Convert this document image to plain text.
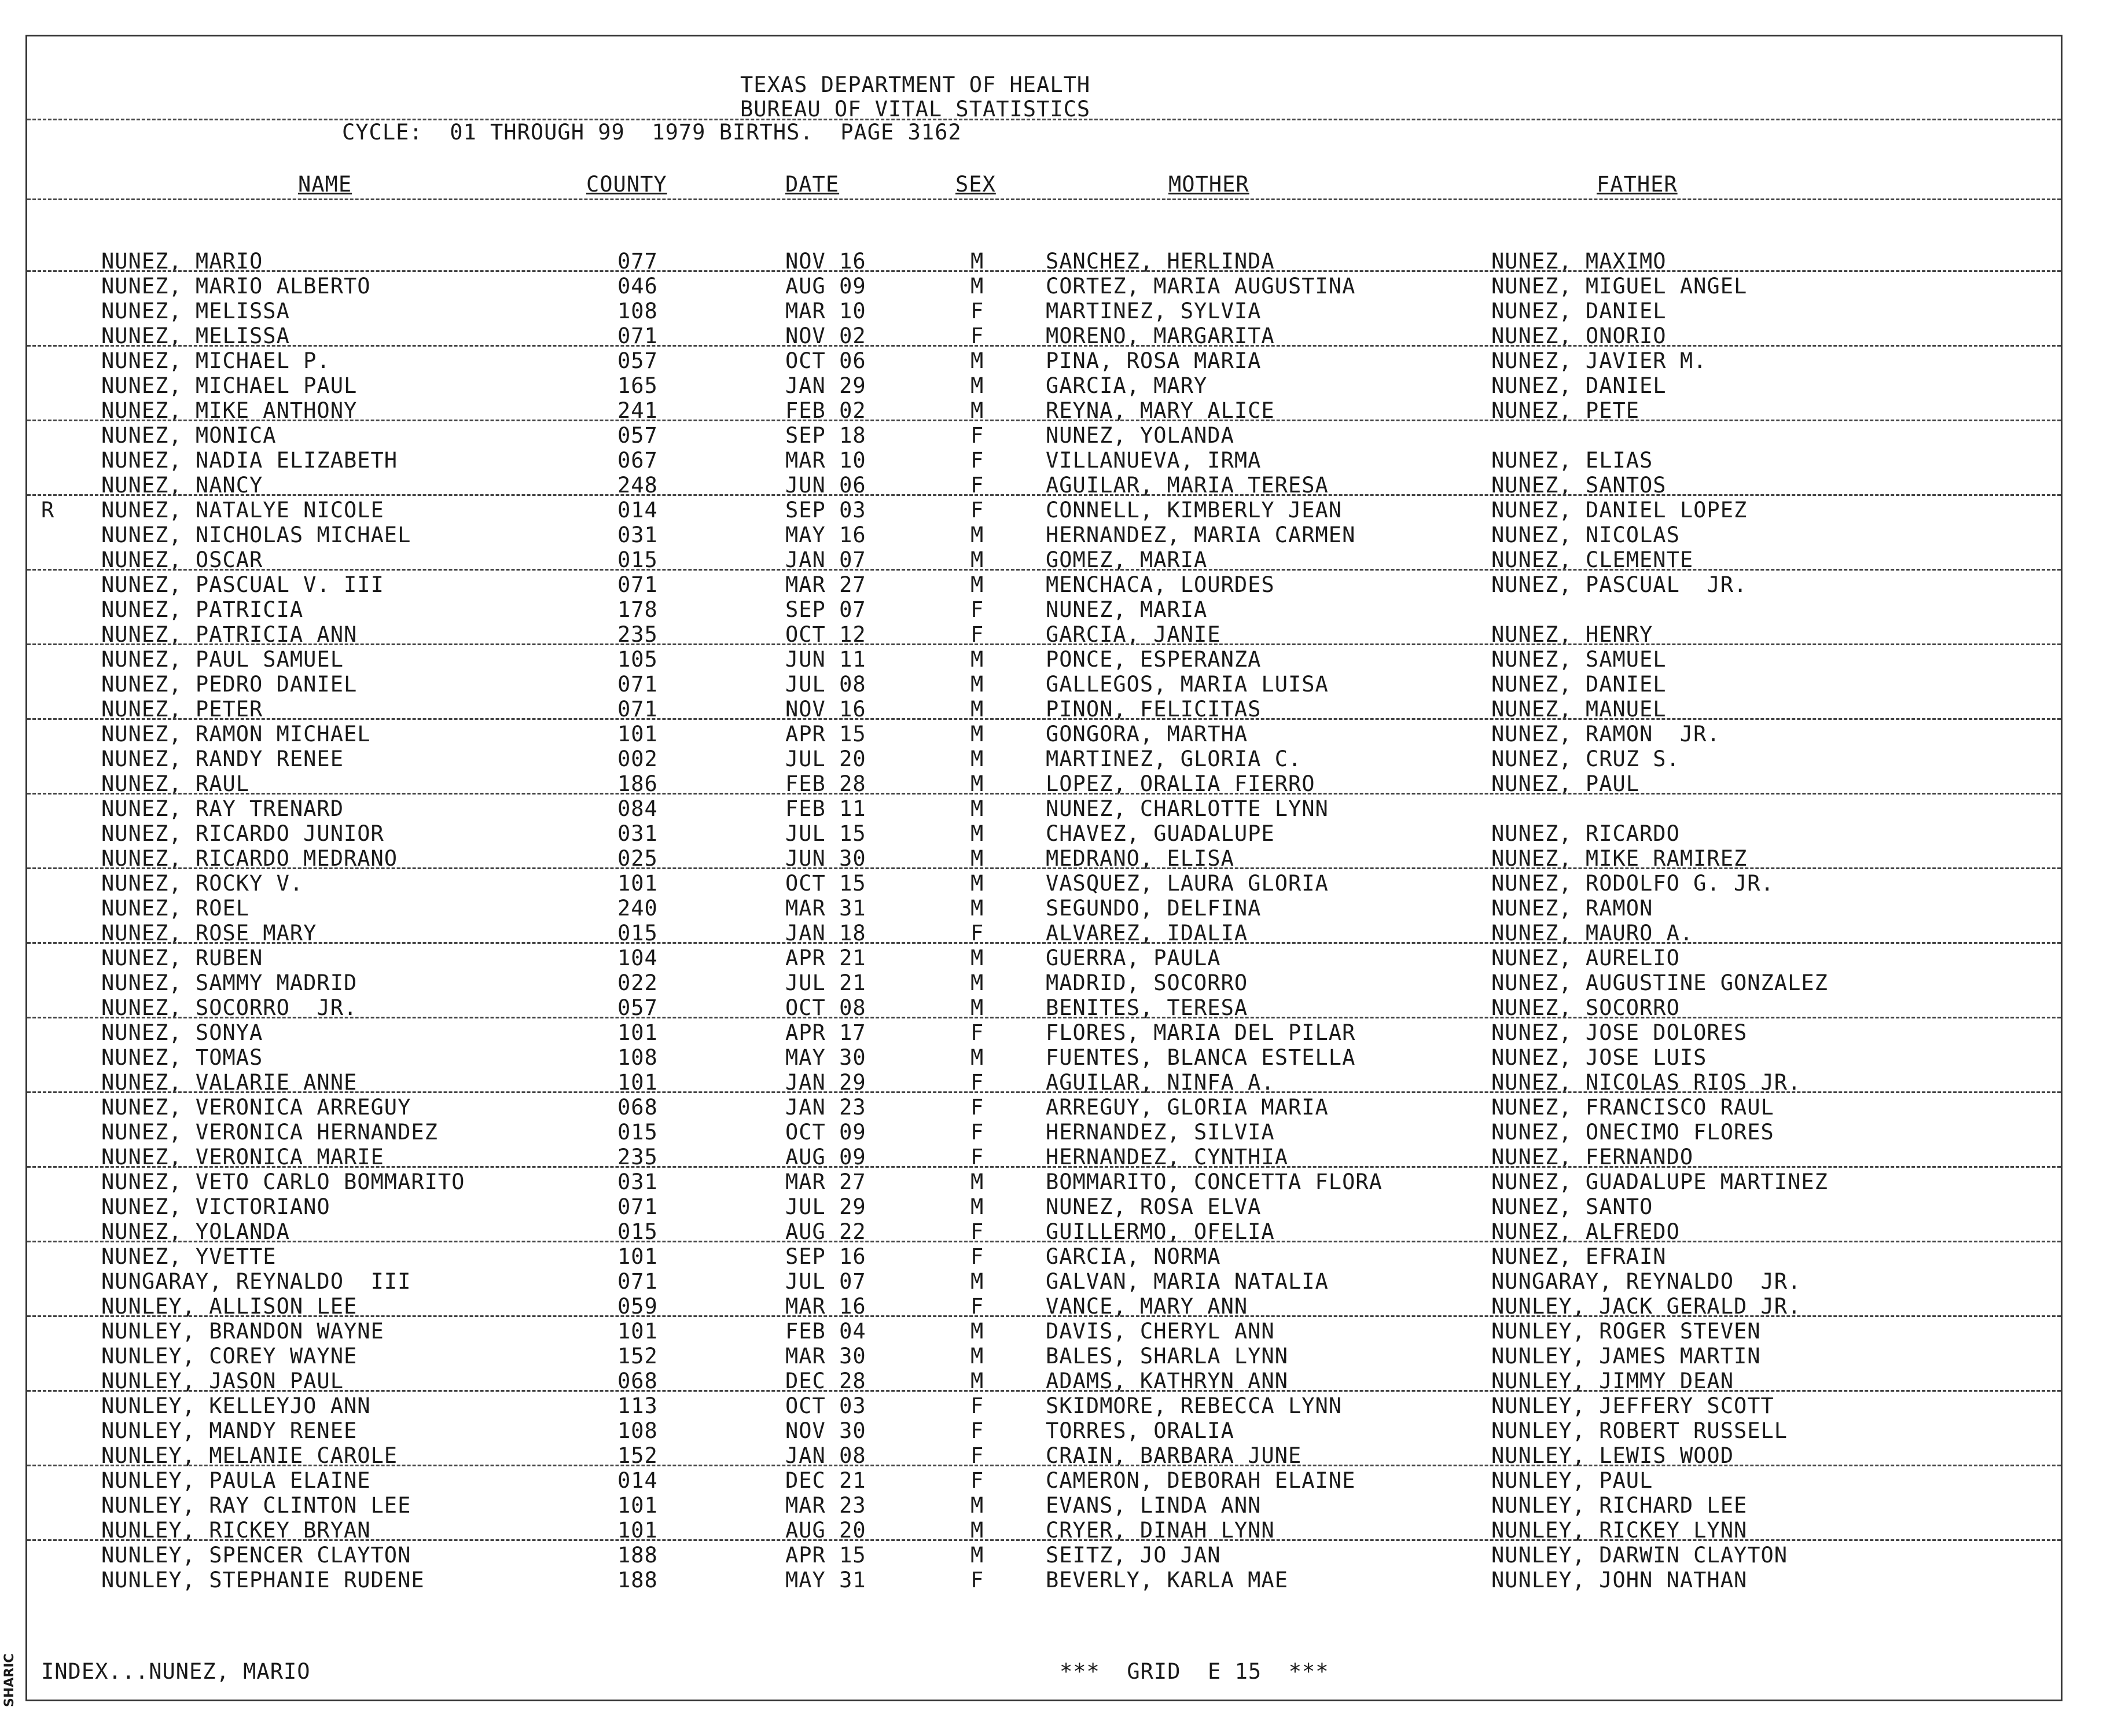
TEXAS DEPARTMENT OF HEALTH
BUREAU OF VITAL STATISTICS
CYCLE:  01 THROUGH 99  1979 BIRTHS.  PAGE 3162
NAME	COUNTY	DATE	SEX	MOTHER	FATHER
NUNEZ, MARIO	077	NOV 16	M	SANCHEZ, HERLINDA	NUNEZ, MAXIMO
NUNEZ, MARIO ALBERTO	046	AUG 09	M	CORTEZ, MARIA AUGUSTINA	NUNEZ, MIGUEL ANGEL
NUNEZ, MELISSA	108	MAR 10	F	MARTINEZ, SYLVIA	NUNEZ, DANIEL
NUNEZ, MELISSA	071	NOV 02	F	MORENO, MARGARITA	NUNEZ, ONORIO
NUNEZ, MICHAEL P.	057	OCT 06	M	PINA, ROSA MARIA	NUNEZ, JAVIER M.
NUNEZ, MICHAEL PAUL	165	JAN 29	M	GARCIA, MARY	NUNEZ, DANIEL
NUNEZ, MIKE ANTHONY	241	FEB 02	M	REYNA, MARY ALICE	NUNEZ, PETE
NUNEZ, MONICA	057	SEP 18	F	NUNEZ, YOLANDA
NUNEZ, NADIA ELIZABETH	067	MAR 10	F	VILLANUEVA, IRMA	NUNEZ, ELIAS
NUNEZ, NANCY	248	JUN 06	F	AGUILAR, MARIA TERESA	NUNEZ, SANTOS
R NUNEZ, NATALYE NICOLE	014	SEP 03	F	CONNELL, KIMBERLY JEAN	NUNEZ, DANIEL LOPEZ
NUNEZ, NICHOLAS MICHAEL	031	MAY 16	M	HERNANDEZ, MARIA CARMEN	NUNEZ, NICOLAS
NUNEZ, OSCAR	015	JAN 07	M	GOMEZ, MARIA	NUNEZ, CLEMENTE
NUNEZ, PASCUAL V. III	071	MAR 27	M	MENCHACA, LOURDES	NUNEZ, PASCUAL  JR.
NUNEZ, PATRICIA	178	SEP 07	F	NUNEZ, MARIA
NUNEZ, PATRICIA ANN	235	OCT 12	F	GARCIA, JANIE	NUNEZ, HENRY
NUNEZ, PAUL SAMUEL	105	JUN 11	M	PONCE, ESPERANZA	NUNEZ, SAMUEL
NUNEZ, PEDRO DANIEL	071	JUL 08	M	GALLEGOS, MARIA LUISA	NUNEZ, DANIEL
NUNEZ, PETER	071	NOV 16	M	PINON, FELICITAS	NUNEZ, MANUEL
NUNEZ, RAMON MICHAEL	101	APR 15	M	GONGORA, MARTHA	NUNEZ, RAMON  JR.
NUNEZ, RANDY RENEE	002	JUL 20	M	MARTINEZ, GLORIA C.	NUNEZ, CRUZ S.
NUNEZ, RAUL	186	FEB 28	M	LOPEZ, ORALIA FIERRO	NUNEZ, PAUL
NUNEZ, RAY TRENARD	084	FEB 11	M	NUNEZ, CHARLOTTE LYNN
NUNEZ, RICARDO JUNIOR	031	JUL 15	M	CHAVEZ, GUADALUPE	NUNEZ, RICARDO
NUNEZ, RICARDO MEDRANO	025	JUN 30	M	MEDRANO, ELISA	NUNEZ, MIKE RAMIREZ
NUNEZ, ROCKY V.	101	OCT 15	M	VASQUEZ, LAURA GLORIA	NUNEZ, RODOLFO G. JR.
NUNEZ, ROEL	240	MAR 31	M	SEGUNDO, DELFINA	NUNEZ, RAMON
NUNEZ, ROSE MARY	015	JAN 18	F	ALVAREZ, IDALIA	NUNEZ, MAURO A.
NUNEZ, RUBEN	104	APR 21	M	GUERRA, PAULA	NUNEZ, AURELIO
NUNEZ, SAMMY MADRID	022	JUL 21	M	MADRID, SOCORRO	NUNEZ, AUGUSTINE GONZALEZ
NUNEZ, SOCORRO  JR.	057	OCT 08	M	BENITES, TERESA	NUNEZ, SOCORRO
NUNEZ, SONYA	101	APR 17	F	FLORES, MARIA DEL PILAR	NUNEZ, JOSE DOLORES
NUNEZ, TOMAS	108	MAY 30	M	FUENTES, BLANCA ESTELLA	NUNEZ, JOSE LUIS
NUNEZ, VALARIE ANNE	101	JAN 29	F	AGUILAR, NINFA A.	NUNEZ, NICOLAS RIOS JR.
NUNEZ, VERONICA ARREGUY	068	JAN 23	F	ARREGUY, GLORIA MARIA	NUNEZ, FRANCISCO RAUL
NUNEZ, VERONICA HERNANDEZ	015	OCT 09	F	HERNANDEZ, SILVIA	NUNEZ, ONECIMO FLORES
NUNEZ, VERONICA MARIE	235	AUG 09	F	HERNANDEZ, CYNTHIA	NUNEZ, FERNANDO
NUNEZ, VETO CARLO BOMMARITO	031	MAR 27	M	BOMMARITO, CONCETTA FLORA	NUNEZ, GUADALUPE MARTINEZ
NUNEZ, VICTORIANO	071	JUL 29	M	NUNEZ, ROSA ELVA	NUNEZ, SANTO
NUNEZ, YOLANDA	015	AUG 22	F	GUILLERMO, OFELIA	NUNEZ, ALFREDO
NUNEZ, YVETTE	101	SEP 16	F	GARCIA, NORMA	NUNEZ, EFRAIN
NUNGARAY, REYNALDO  III	071	JUL 07	M	GALVAN, MARIA NATALIA	NUNGARAY, REYNALDO  JR.
NUNLEY, ALLISON LEE	059	MAR 16	F	VANCE, MARY ANN	NUNLEY, JACK GERALD JR.
NUNLEY, BRANDON WAYNE	101	FEB 04	M	DAVIS, CHERYL ANN	NUNLEY, ROGER STEVEN
NUNLEY, COREY WAYNE	152	MAR 30	M	BALES, SHARLA LYNN	NUNLEY, JAMES MARTIN
NUNLEY, JASON PAUL	068	DEC 28	M	ADAMS, KATHRYN ANN	NUNLEY, JIMMY DEAN
NUNLEY, KELLEYJO ANN	113	OCT 03	F	SKIDMORE, REBECCA LYNN	NUNLEY, JEFFERY SCOTT
NUNLEY, MANDY RENEE	108	NOV 30	F	TORRES, ORALIA	NUNLEY, ROBERT RUSSELL
NUNLEY, MELANIE CAROLE	152	JAN 08	F	CRAIN, BARBARA JUNE	NUNLEY, LEWIS WOOD
NUNLEY, PAULA ELAINE	014	DEC 21	F	CAMERON, DEBORAH ELAINE	NUNLEY, PAUL
NUNLEY, RAY CLINTON LEE	101	MAR 23	M	EVANS, LINDA ANN	NUNLEY, RICHARD LEE
NUNLEY, RICKEY BRYAN	101	AUG 20	M	CRYER, DINAH LYNN	NUNLEY, RICKEY LYNN
NUNLEY, SPENCER CLAYTON	188	APR 15	M	SEITZ, JO JAN	NUNLEY, DARWIN CLAYTON
NUNLEY, STEPHANIE RUDENE	188	MAY 31	F	BEVERLY, KARLA MAE	NUNLEY, JOHN NATHAN
INDEX...NUNEZ, MARIO	***  GRID  E 15  ***
SHARIC
